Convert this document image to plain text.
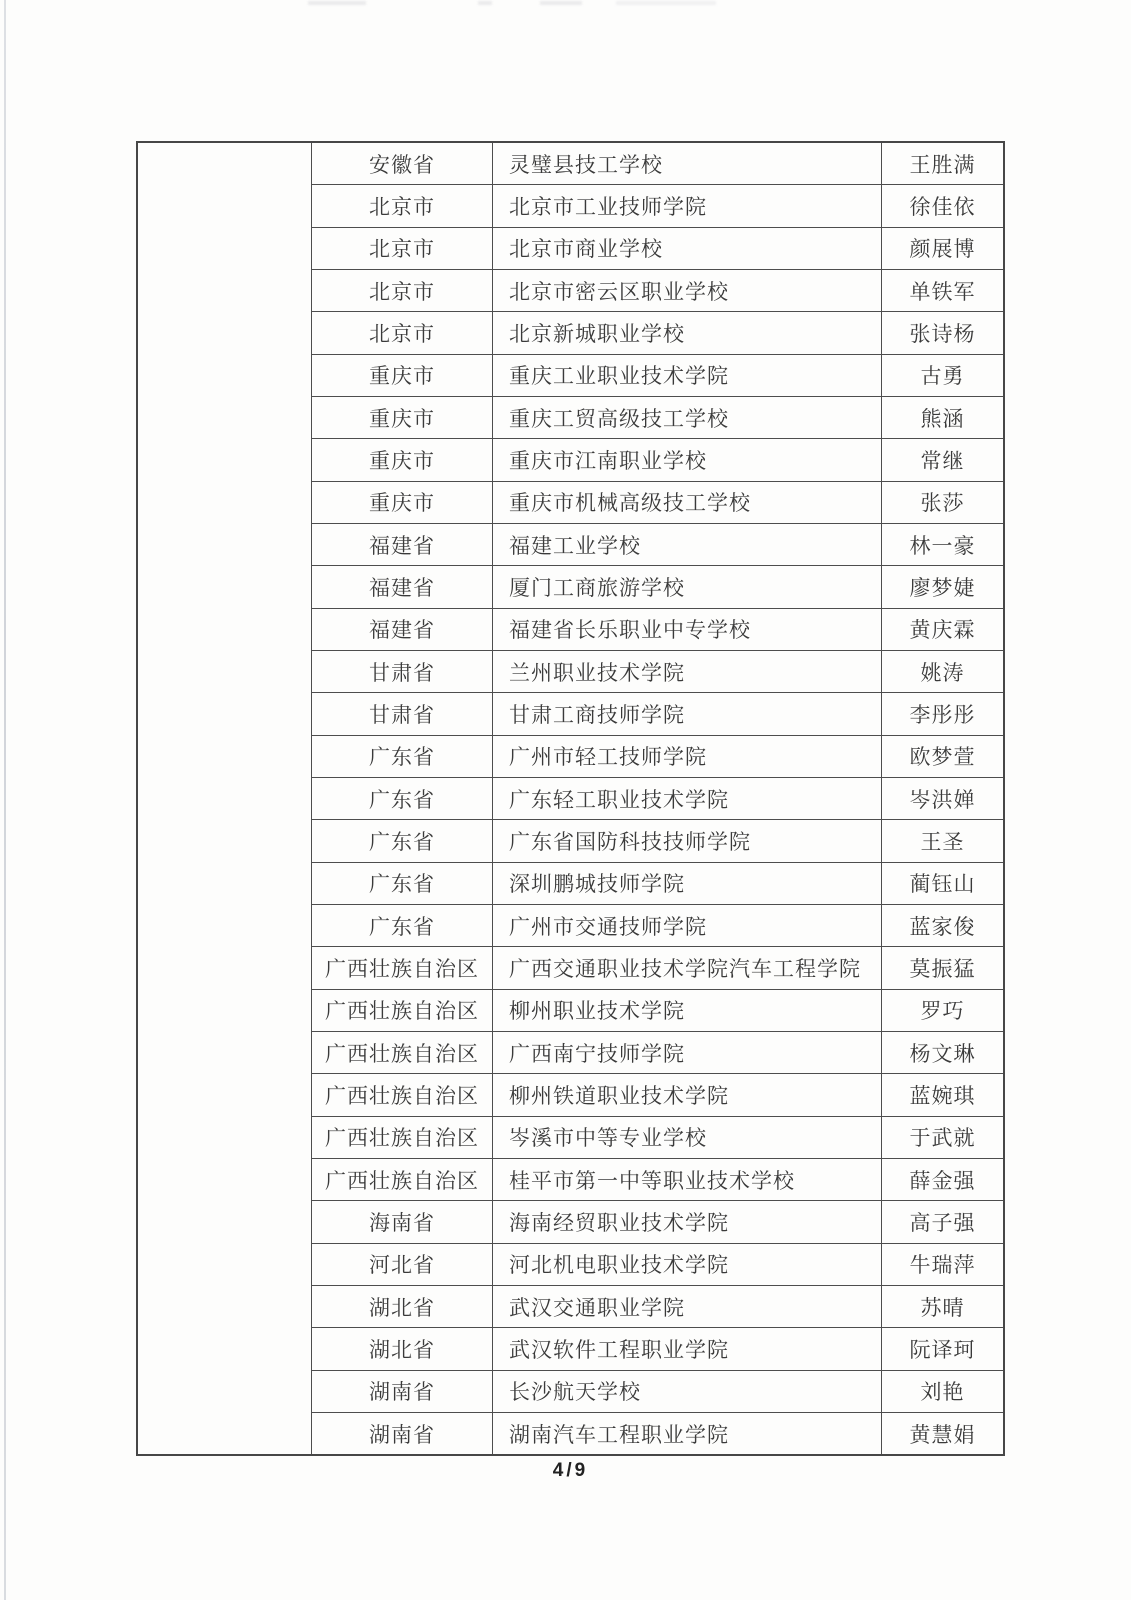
安徽省	灵璧县技工学校	王胜满
北京市	北京市工业技师学院	徐佳依
北京市	北京市商业学校	颜展博
北京市	北京市密云区职业学校	单铁军
北京市	北京新城职业学校	张诗杨
重庆市	重庆工业职业技术学院	古勇
重庆市	重庆工贸高级技工学校	熊涵
重庆市	重庆市江南职业学校	常继
重庆市	重庆市机械高级技工学校	张莎
福建省	福建工业学校	林一豪
福建省	厦门工商旅游学校	廖梦婕
福建省	福建省长乐职业中专学校	黄庆霖
甘肃省	兰州职业技术学院	姚涛
甘肃省	甘肃工商技师学院	李彤彤
广东省	广州市轻工技师学院	欧梦萱
广东省	广东轻工职业技术学院	岑洪婵
广东省	广东省国防科技技师学院	王圣
广东省	深圳鹏城技师学院	蔺钰山
广东省	广州市交通技师学院	蓝家俊
广西壮族自治区	广西交通职业技术学院汽车工程学院	莫振猛
广西壮族自治区	柳州职业技术学院	罗巧
广西壮族自治区	广西南宁技师学院	杨文琳
广西壮族自治区	柳州铁道职业技术学院	蓝婉琪
广西壮族自治区	岑溪市中等专业学校	于武就
广西壮族自治区	桂平市第一中等职业技术学校	薛金强
海南省	海南经贸职业技术学院	高子强
河北省	河北机电职业技术学院	牛瑞萍
湖北省	武汉交通职业学院	苏晴
湖北省	武汉软件工程职业学院	阮译珂
湖南省	长沙航天学校	刘艳
湖南省	湖南汽车工程职业学院	黄慧娟
4/9
